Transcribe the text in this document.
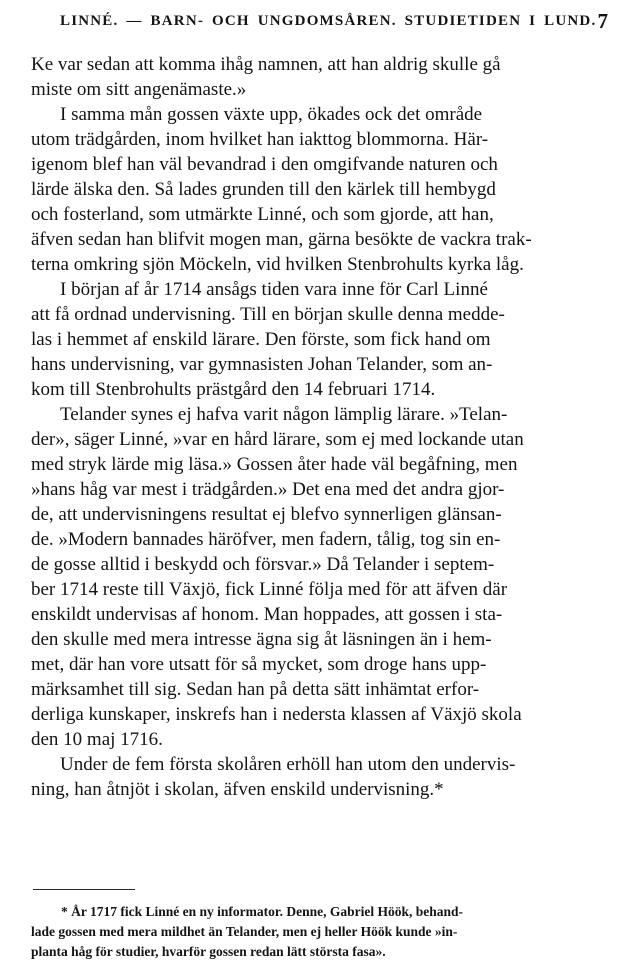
LINNÉ. — BARN- OCH UNGDOMSÅREN. STUDIETIDEN I LUND. 7
Ke var sedan att komma ihåg namnen, att han aldrig skulle gå
miste om sitt angenämaste.»
I samma mån gossen växte upp, ökades ock det område
utom trädgården, inom hvilket han iakttog blommorna. Här-
igenom blef han väl bevandrad i den omgifvande naturen och
lärde älska den. Så lades grunden till den kärlek till hembygd
och fosterland, som utmärkte Linné, och som gjorde, att han,
äfven sedan han blifvit mogen man, gärna besökte de vackra trak-
terna omkring sjön Möckeln, vid hvilken Stenbrohults kyrka låg.
I början af år 1714 ansågs tiden vara inne för Carl Linné
att få ordnad undervisning. Till en början skulle denna medde-
las i hemmet af enskild lärare. Den förste, som fick hand om
hans undervisning, var gymnasisten Johan Telander, som an-
kom till Stenbrohults prästgård den 14 februari 1714.
Telander synes ej hafva varit någon lämplig lärare. »Telan-
der», säger Linné, »var en hård lärare, som ej med lockande utan
med stryk lärde mig läsa.» Gossen åter hade väl begåfning, men
»hans håg var mest i trädgården.» Det ena med det andra gjor-
de, att undervisningens resultat ej blefvo synnerligen glänsan-
de. »Modern bannades häröfver, men fadern, tålig, tog sin en-
de gosse alltid i beskydd och försvar.» Då Telander i septem-
ber 1714 reste till Växjö, fick Linné följa med för att äfven där
enskildt undervisas af honom. Man hoppades, att gossen i sta-
den skulle med mera intresse ägna sig åt läsningen än i hem-
met, där han vore utsatt för så mycket, som droge hans upp-
märksamhet till sig. Sedan han på detta sätt inhämtat erfor-
derliga kunskaper, inskrefs han i nedersta klassen af Växjö skola
den 10 maj 1716.
Under de fem första skolåren erhöll han utom den undervis-
ning, han åtnjöt i skolan, äfven enskild undervisning.*
* År 1717 fick Linné en ny informator. Denne, Gabriel Höök, behand-
lade gossen med mera mildhet än Telander, men ej heller Höök kunde »in-
planta håg för studier, hvarför gossen redan lätt största fasa».
